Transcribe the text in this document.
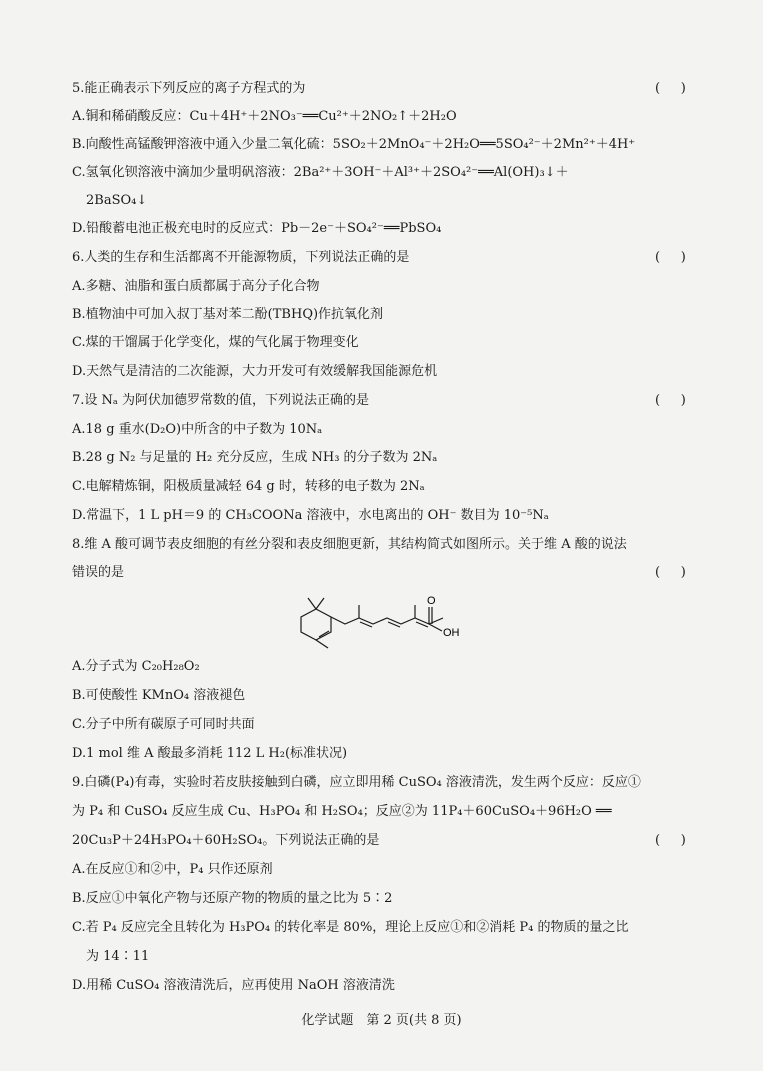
5.能正确表示下列反应的离子方程式的为	(     )
A.铜和稀硝酸反应：Cu＋4H⁺＋2NO₃⁻══Cu²⁺＋2NO₂↑＋2H₂O
B.向酸性高锰酸钾溶液中通入少量二氧化硫：5SO₂＋2MnO₄⁻＋2H₂O══5SO₄²⁻＋2Mn²⁺＋4H⁺
C.氢氧化钡溶液中滴加少量明矾溶液：2Ba²⁺＋3OH⁻＋Al³⁺＋2SO₄²⁻══Al(OH)₃↓＋
2BaSO₄↓
D.铅酸蓄电池正极充电时的反应式：Pb－2e⁻＋SO₄²⁻══PbSO₄
6.人类的生存和生活都离不开能源物质，下列说法正确的是	(     )
A.多糖、油脂和蛋白质都属于高分子化合物
B.植物油中可加入叔丁基对苯二酚(TBHQ)作抗氧化剂
C.煤的干馏属于化学变化，煤的气化属于物理变化
D.天然气是清洁的二次能源，大力开发可有效缓解我国能源危机
7.设 Nₐ 为阿伏加德罗常数的值，下列说法正确的是	(     )
A.18 g 重水(D₂O)中所含的中子数为 10Nₐ
B.28 g N₂ 与足量的 H₂ 充分反应，生成 NH₃ 的分子数为 2Nₐ
C.电解精炼铜，阳极质量减轻 64 g 时，转移的电子数为 2Nₐ
D.常温下，1 L pH＝9 的 CH₃COONa 溶液中，水电离出的 OH⁻ 数目为 10⁻⁵Nₐ
8.维 A 酸可调节表皮细胞的有丝分裂和表皮细胞更新，其结构简式如图所示。关于维 A 酸的说法
错误的是	(     )
O
OH
A.分子式为 C₂₀H₂₈O₂
B.可使酸性 KMnO₄ 溶液褪色
C.分子中所有碳原子可同时共面
D.1 mol 维 A 酸最多消耗 112 L H₂(标准状况)
9.白磷(P₄)有毒，实验时若皮肤接触到白磷，应立即用稀 CuSO₄ 溶液清洗，发生两个反应：反应①
为 P₄ 和 CuSO₄ 反应生成 Cu、H₃PO₄ 和 H₂SO₄；反应②为 11P₄＋60CuSO₄＋96H₂O ══
20Cu₃P＋24H₃PO₄＋60H₂SO₄。下列说法正确的是	(     )
A.在反应①和②中，P₄ 只作还原剂
B.反应①中氧化产物与还原产物的物质的量之比为 5∶2
C.若 P₄ 反应完全且转化为 H₃PO₄ 的转化率是 80%，理论上反应①和②消耗 P₄ 的物质的量之比
为 14∶11
D.用稀 CuSO₄ 溶液清洗后，应再使用 NaOH 溶液清洗
化学试题　第 2 页(共 8 页)
